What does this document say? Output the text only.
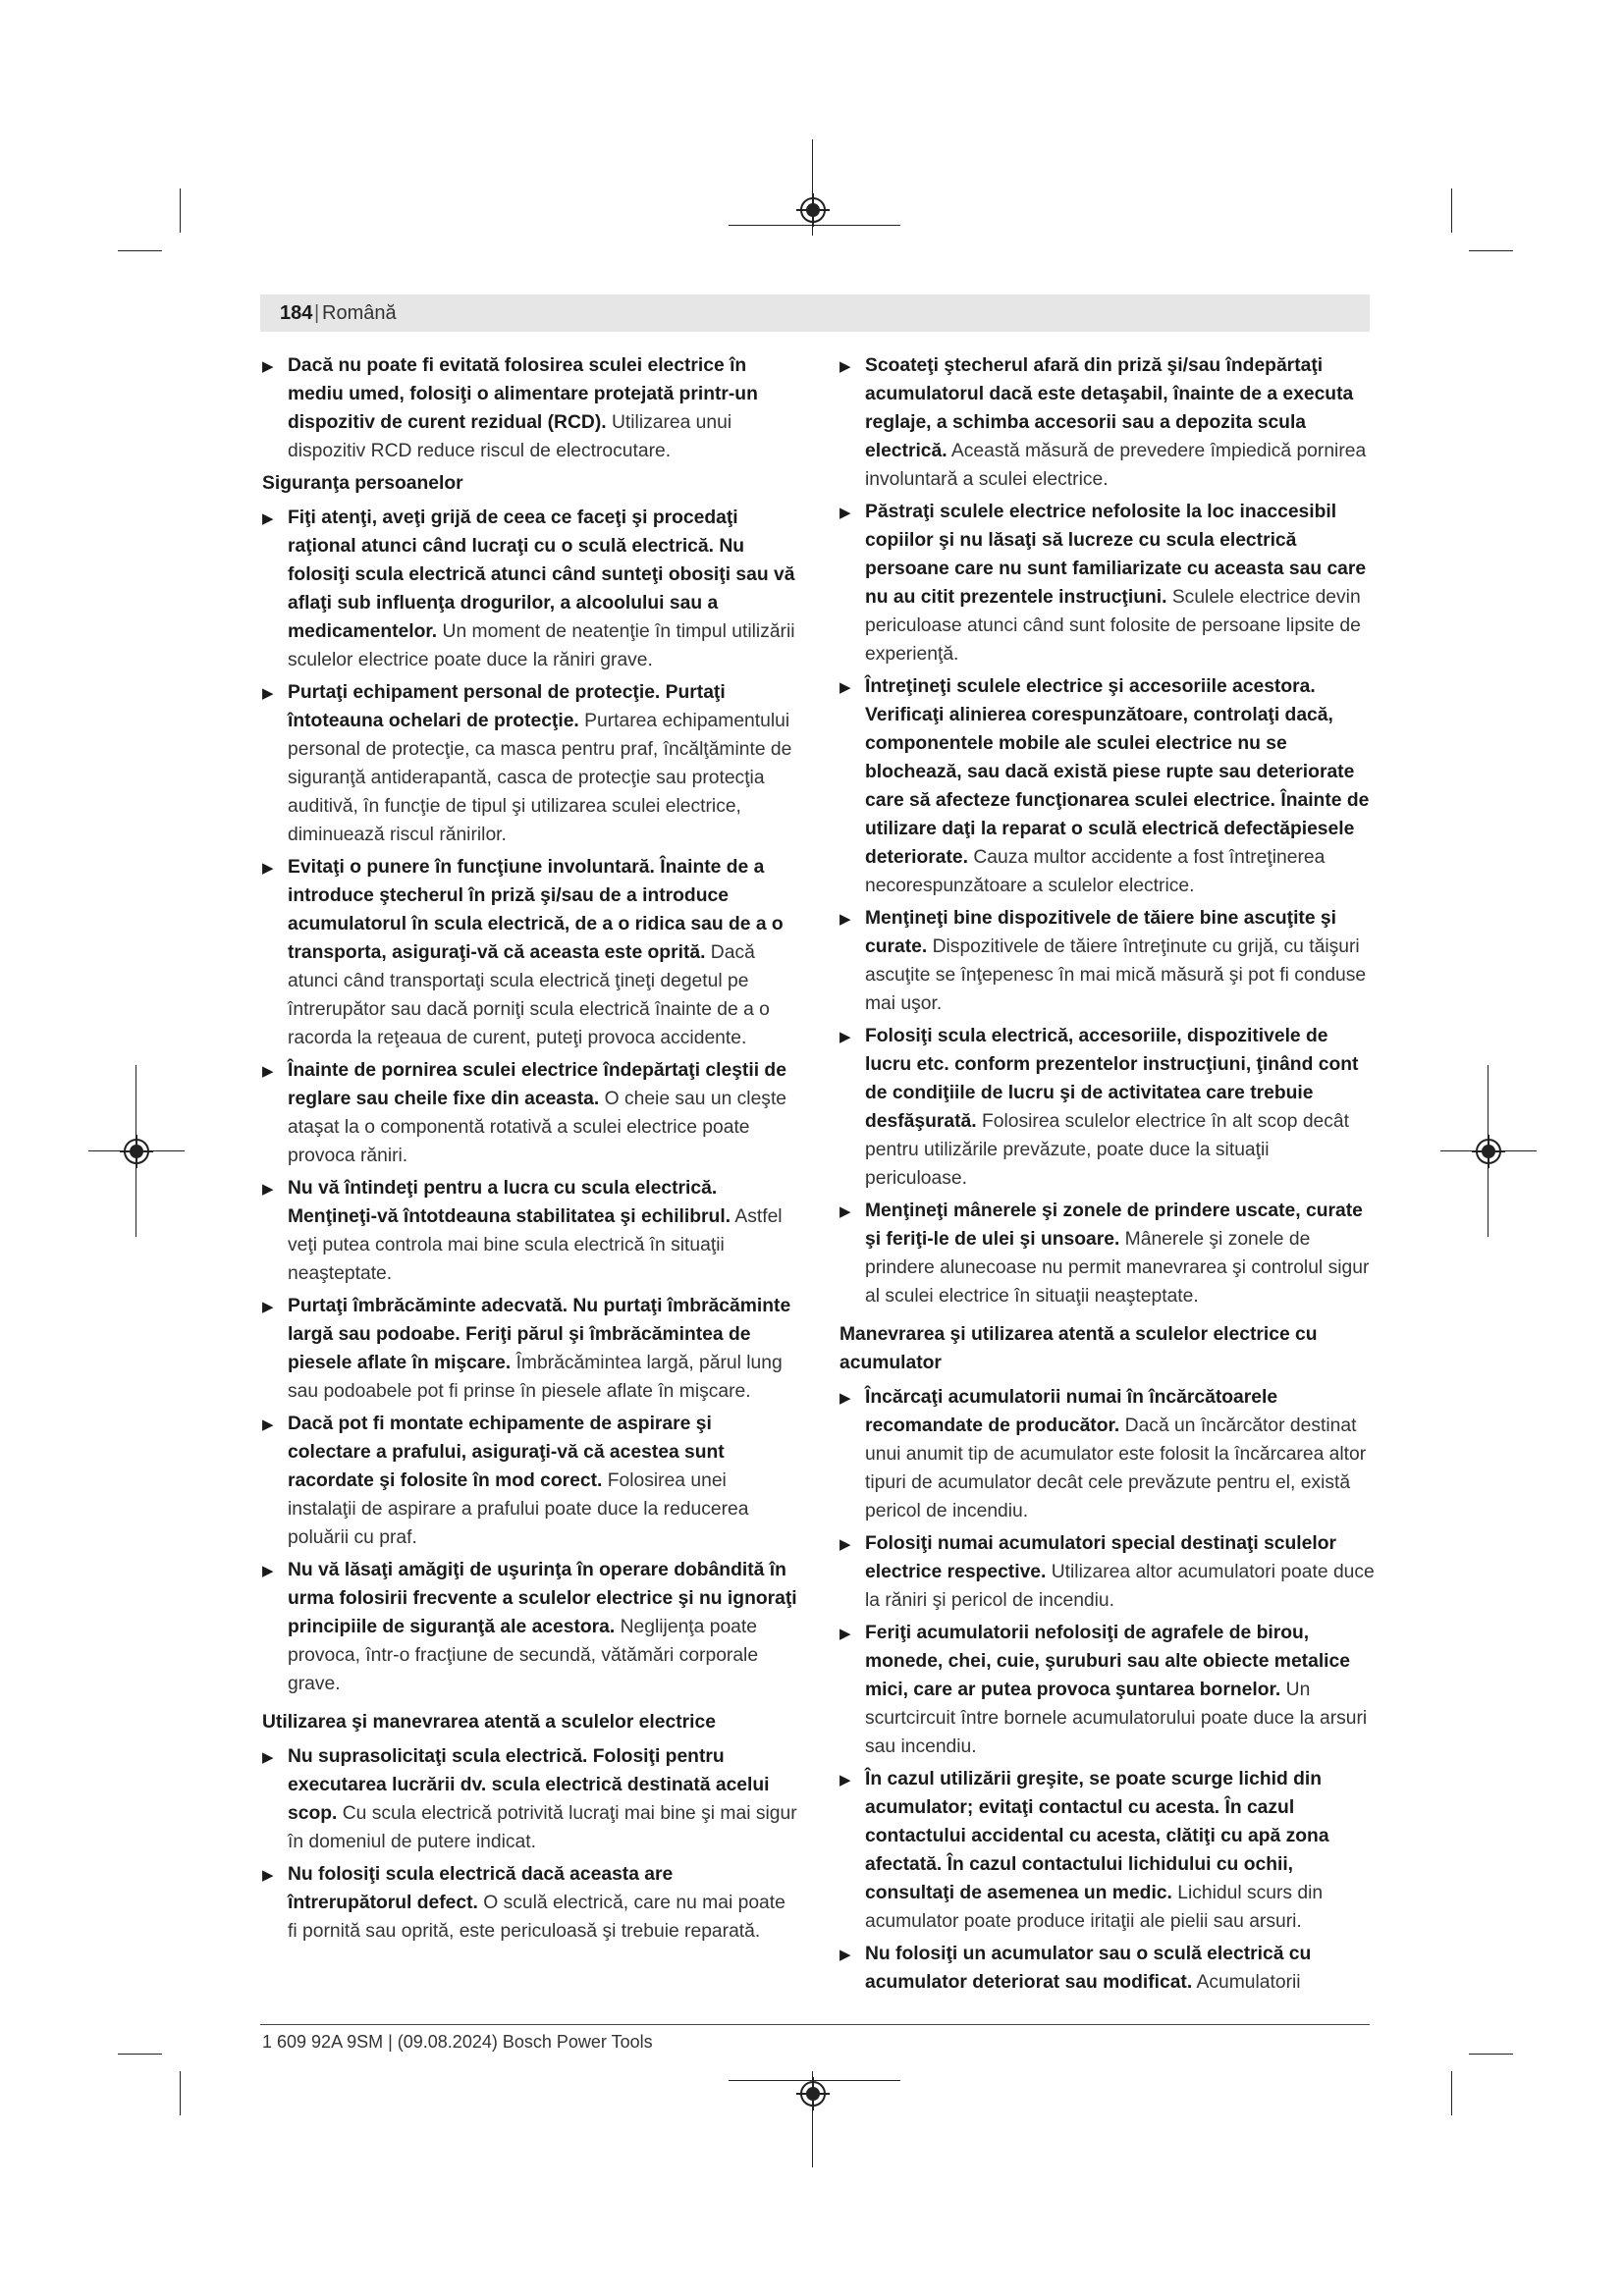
184 | Română
▶ Dacă nu poate fi evitată folosirea sculei electrice în mediu umed, folosiţi o alimentare protejată printr-un dispozitiv de curent rezidual (RCD). Utilizarea unui dispozitiv RCD reduce riscul de electrocutare.
Siguranţa persoanelor
▶ Fiţi atenţi, aveţi grijă de ceea ce faceţi şi procedaţi raţional atunci când lucraţi cu o sculă electrică. Nu folosiţi scula electrică atunci când sunteţi obosiţi sau vă aflaţi sub influenţa drogurilor, a alcoolului sau a medicamentelor. Un moment de neatenţie în timpul utilizării sculelor electrice poate duce la răniri grave.
▶ Purtaţi echipament personal de protecţie. Purtaţi întoteauna ochelari de protecţie. Purtarea echipamentului personal de protecţie, ca masca pentru praf, încălţăminte de siguranţă antiderapantă, casca de protecţie sau protecţia auditivă, în funcţie de tipul şi utilizarea sculei electrice, diminuează riscul rănirilor.
▶ Evitaţi o punere în funcţiune involuntară. Înainte de a introduce ştecherul în priză şi/sau de a introduce acumulatorul în scula electrică, de a o ridica sau de a o transporta, asiguraţi-vă că aceasta este oprită. Dacă atunci când transportaţi scula electrică ţineţi degetul pe întrerupător sau dacă porniţi scula electrică înainte de a o racorda la reţeaua de curent, puteţi provoca accidente.
▶ Înainte de pornirea sculei electrice îndepărtaţi cleştii de reglare sau cheile fixe din aceasta. O cheie sau un cleşte ataşat la o componentă rotativă a sculei electrice poate provoca răniri.
▶ Nu vă întindeţi pentru a lucra cu scula electrică. Menţineţi-vă întotdeauna stabilitatea şi echilibrul. Astfel veţi putea controla mai bine scula electrică în situaţii neaşteptate.
▶ Purtaţi îmbrăcăminte adecvată. Nu purtaţi îmbrăcăminte largă sau podoabe. Feriţi părul şi îmbrăcămintea de piesele aflate în mişcare. Îmbrăcămintea largă, părul lung sau podoabele pot fi prinse în piesele aflate în mişcare.
▶ Dacă pot fi montate echipamente de aspirare şi colectare a prafului, asiguraţi-vă că acestea sunt racordate şi folosite în mod corect. Folosirea unei instalaţii de aspirare a prafului poate duce la reducerea poluării cu praf.
▶ Nu vă lăsaţi amăgiţi de uşurinţa în operare dobândită în urma folosirii frecvente a sculelor electrice şi nu ignoraţi principiile de siguranţă ale acestora. Neglijenţa poate provoca, într-o fracţiune de secundă, vătămări corporale grave.
Utilizarea şi manevrarea atentă a sculelor electrice
▶ Nu suprasolicitaţi scula electrică. Folosiţi pentru executarea lucrării dv. scula electrică destinată acelui scop. Cu scula electrică potrivită lucraţi mai bine şi mai sigur în domeniul de putere indicat.
▶ Nu folosiţi scula electrică dacă aceasta are întrerupătorul defect. O sculă electrică, care nu mai poate fi pornită sau oprită, este periculoasă şi trebuie reparată.
▶ Scoateţi ştecherul afară din priză şi/sau îndepărtaţi acumulatorul dacă este detaşabil, înainte de a executa reglaje, a schimba accesorii sau a depozita scula electrică. Această măsură de prevedere împiedică pornirea involuntară a sculei electrice.
▶ Păstraţi sculele electrice nefolosite la loc inaccesibil copiilor şi nu lăsaţi să lucreze cu scula electrică persoane care nu sunt familiarizate cu aceasta sau care nu au citit prezentele instrucţiuni. Sculele electrice devin periculoase atunci când sunt folosite de persoane lipsite de experienţă.
▶ Întreţineţi sculele electrice şi accesoriile acestora. Verificaţi alinierea corespunzătoare, controlaţi dacă, componentele mobile ale sculei electrice nu se blochează, sau dacă există piese rupte sau deteriorate care să afecteze funcţionarea sculei electrice. Înainte de utilizare daţi la reparat o sculă electrică defectăpiesele deteriorate. Cauza multor accidente a fost întreţinerea necorespunzătoare a sculelor electrice.
▶ Menţineţi bine dispozitivele de tăiere bine ascuţite şi curate. Dispozitivele de tăiere întreţinute cu grijă, cu tăişuri ascuţite se înţepenesc în mai mică măsură şi pot fi conduse mai uşor.
▶ Folosiţi scula electrică, accesoriile, dispozitivele de lucru etc. conform prezentelor instrucţiuni, ţinând cont de condiţiile de lucru şi de activitatea care trebuie desfăşurată. Folosirea sculelor electrice în alt scop decât pentru utilizările prevăzute, poate duce la situaţii periculoase.
▶ Menţineţi mânerele şi zonele de prindere uscate, curate şi feriţi-le de ulei şi unsoare. Mânerele şi zonele de prindere alunecoase nu permit manevrarea şi controlul sigur al sculei electrice în situaţii neaşteptate.
Manevrarea şi utilizarea atentă a sculelor electrice cu acumulator
▶ Încărcaţi acumulatorii numai în încărcătoarele recomandate de producător. Dacă un încărcător destinat unui anumit tip de acumulator este folosit la încărcarea altor tipuri de acumulator decât cele prevăzute pentru el, există pericol de incendiu.
▶ Folosiţi numai acumulatori special destinaţi sculelor electrice respective. Utilizarea altor acumulatori poate duce la răniri şi pericol de incendiu.
▶ Feriţi acumulatorii nefolosiţi de agrafele de birou, monede, chei, cuie, şuruburi sau alte obiecte metalice mici, care ar putea provoca şuntarea bornelor. Un scurtcircuit între bornele acumulatorului poate duce la arsuri sau incendiu.
▶ În cazul utilizării greşite, se poate scurge lichid din acumulator; evitaţi contactul cu acesta. În cazul contactului accidental cu acesta, clătiţi cu apă zona afectată. În cazul contactului lichidului cu ochii, consultaţi de asemenea un medic. Lichidul scurs din acumulator poate produce iritaţii ale pielii sau arsuri.
▶ Nu folosiţi un acumulator sau o sculă electrică cu acumulator deteriorat sau modificat. Acumulatorii
1 609 92A 9SM | (09.08.2024) Bosch Power Tools
